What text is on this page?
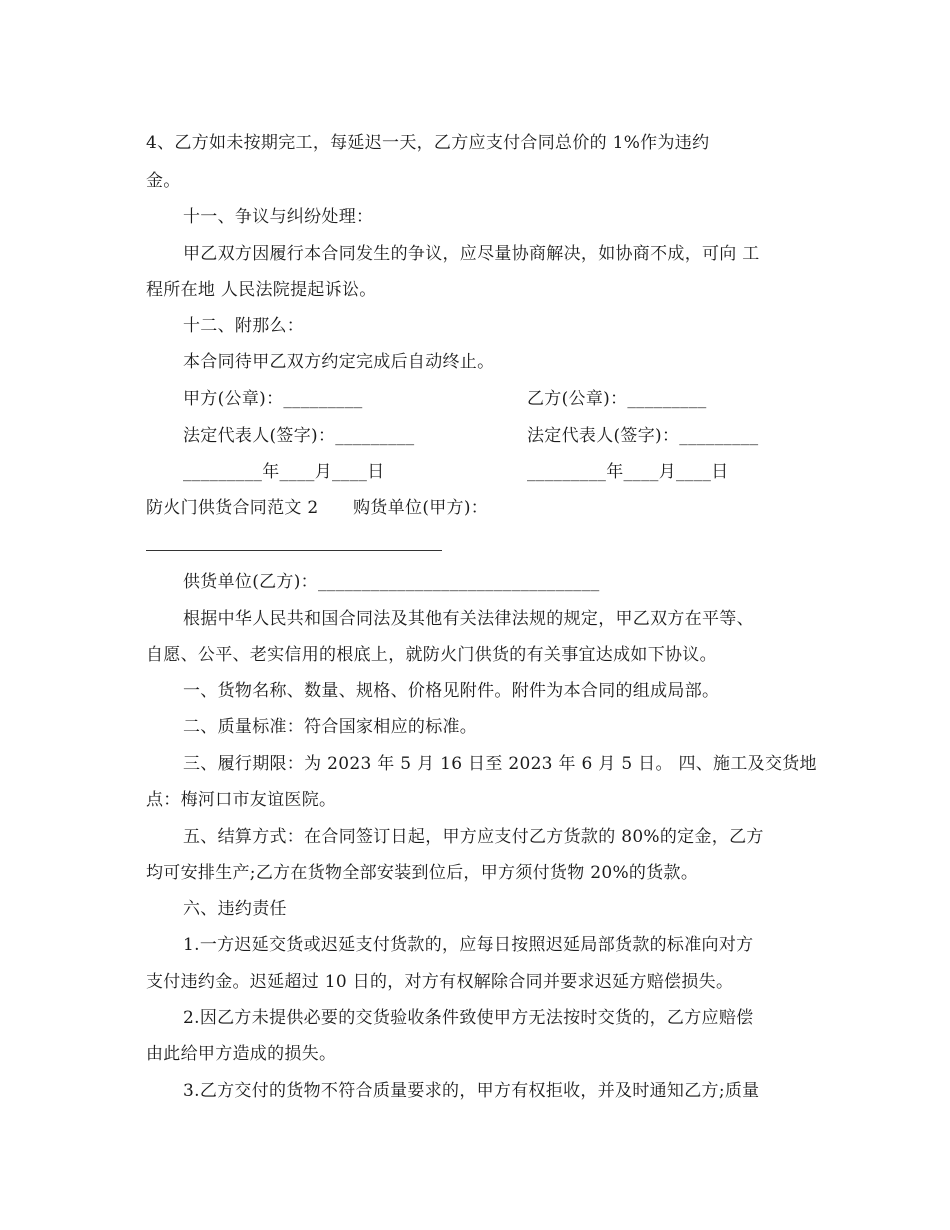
4、乙方如未按期完工，每延迟一天，乙方应支付合同总价的 1%作为违约
金。
十一、争议与纠纷处理：
甲乙双方因履行本合同发生的争议，应尽量协商解决，如协商不成，可向 工
程所在地 人民法院提起诉讼。
十二、附那么：
本合同待甲乙双方约定完成后自动终止。
甲方(公章)：_________	乙方(公章)：_________
法定代表人(签字)：_________	法定代表人(签字)：_________
_________年____月____日	_________年____月____日
防火门供货合同范文 2　　购货单位(甲方)：
供货单位(乙方)：________________________________
根据中华人民共和国合同法及其他有关法律法规的规定，甲乙双方在平等、
自愿、公平、老实信用的根底上，就防火门供货的有关事宜达成如下协议。
一、货物名称、数量、规格、价格见附件。附件为本合同的组成局部。
二、质量标准：符合国家相应的标准。
三、履行期限：为 2023 年 5 月 16 日至 2023 年 6 月 5 日。 四、施工及交货地
点：梅河口市友谊医院。
五、结算方式：在合同签订日起，甲方应支付乙方货款的 80%的定金，乙方
均可安排生产;乙方在货物全部安装到位后，甲方须付货物 20%的货款。
六、违约责任
1.一方迟延交货或迟延支付货款的，应每日按照迟延局部货款的标准向对方
支付违约金。迟延超过 10 日的，对方有权解除合同并要求迟延方赔偿损失。
2.因乙方未提供必要的交货验收条件致使甲方无法按时交货的，乙方应赔偿
由此给甲方造成的损失。
3.乙方交付的货物不符合质量要求的，甲方有权拒收，并及时通知乙方;质量
